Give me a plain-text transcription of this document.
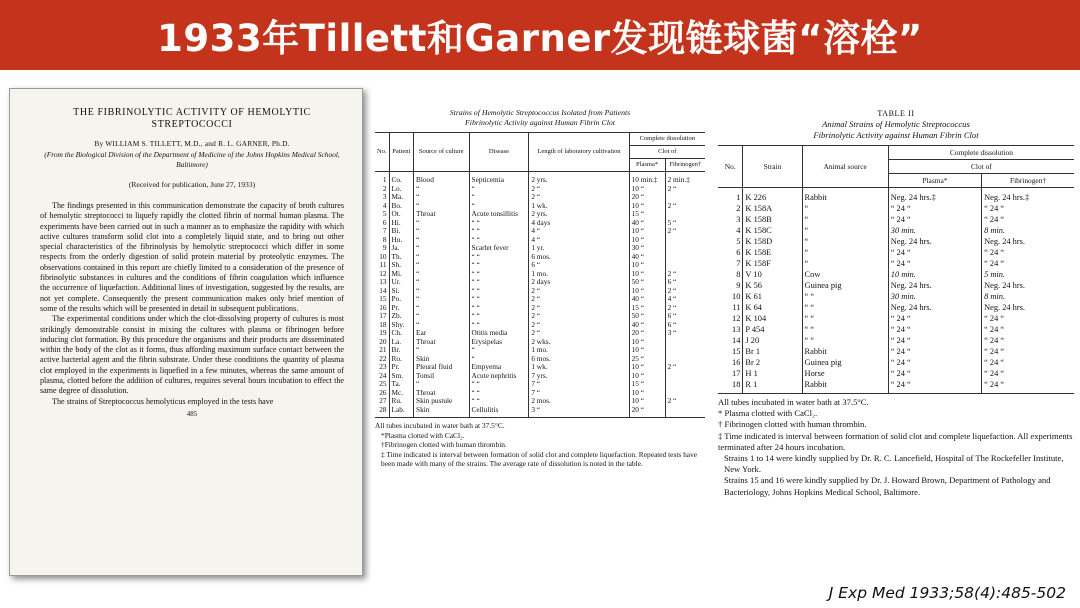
1933年Tillett和Garner发现链球菌“溶栓”
THE FIBRINOLYTIC ACTIVITY OF HEMOLYTIC STREPTOCOCCI
By WILLIAM S. TILLETT, M.D., and R. L. GARNER, Ph.D.
(From the Biological Division of the Department of Medicine of the Johns Hopkins Medical School, Baltimore)
(Received for publication, June 27, 1933)

The findings presented in this communication demonstrate the capacity of broth cultures of hemolytic streptococci to liquefy rapidly the clotted fibrin of normal human plasma. The experiments have been carried out in such a manner as to emphasize the rapidity with which active cultures transform solid clot into a completely liquid state, and to bring out other special characteristics of the fibrinolysis by hemolytic streptococci which differ in some respects from the orderly digestion of solid protein material by proteolytic enzymes. The observations contained in this report are chiefly limited to a consideration of the presence of fibrinolytic substances in cultures and the conditions of fibrin coagulation which influence the occurrence of liquefaction. Additional lines of investigation, suggested by the results, are not yet complete. Consequently the present communication makes only brief mention of some of the results which will be presented in detail in subsequent publications.

The experimental conditions under which the clot-dissolving property of cultures is most strikingly demonstrable consist in mixing the cultures with plasma or fibrinogen before inducing clot formation. By this procedure the organisms and their products are disseminated within the body of the clot as it forms, thus affording maximum surface contact between the active bacterial agent and the fibrin substrate. Under these conditions the quantity of plasma clot employed in the experiments is liquefied in a few minutes, whereas the same amount of plasma, clotted before the addition of cultures, requires several hours incubation to effect the same degree of dissolution.

The strains of Streptococcus hemolyticus employed in the tests have

485
Strains of Hemolytic Streptococcus Isolated from Patients
Fibrinolytic Activity against Human Fibrin Clot
No.	Patient	Source of culture	Disease	Length of laboratory cultivation	Complete dissolution	
					Clot of	
					Plasma*	Fibrinogen†
1	Co.	Blood	Septicemia	2 yrs.	10 min.‡	2 min.‡
2	Lo.	“	“	2 “	10 “	2 “
3	Ma.	“	“	2 “	20 “	
4	Bo.	“	“	1 wk.	10 “	2 “
5	Ot.	Throat	Acute tonsillitis	2 yrs.	15 “	
6	Hi.	“	“ “	4 days	40 “	5 “
7	Bi.	“	“ “	4 “	10 “	2 “
8	Hu.	“	“ “	4 “	10 “	
9	Ja.	“	Scarlet fever	1 yr.	30 “	
10	Th.	“	“ “	6 mos.	40 “	
11	Sh.	“	“ “	6 “	10 “	
12	Mi.	“	“ “	1 mo.	10 “	2 “
13	Ur.	“	“ “	2 days	50 “	6 “
14	Si.	“	“ “	2 “	10 “	2 “
15	Po.	“	“ “	2 “	40 “	4 “
16	Pr.	“	“ “	2 “	15 “	2 “
17	Zb.	“	“ “	2 “	50 “	6 “
18	Shy.	“	“ “	2 “	40 “	6 “
19	Ch.	Ear	Otitis media	2 “	20 “	3 “
20	La.	Throat	Erysipelas	2 wks.	10 “	
21	Br.	“	“	1 mo.	10 “	
22	Ro.	Skin	“	6 mos.	25 “	
23	Pr.	Pleural fluid	Empyema	1 wk.	10 “	2 “
24	Sm.	Tonsil	Acute nephritis	7 yrs.	10 “	
25	Ta.	“	“ “	7 “	15 “	
26	Mc.	Throat	“ “	7 “	10 “	
27	Ru.	Skin pustule	“ “	2 mos.	10 “	2 “
28	Lab.	Skin	Cellulitis	3 “	20 “	

All tubes incubated in water bath at 37.5°C.

*Plasma clotted with CaCl₂.

†Fibrinogen clotted with human thrombin.

‡ Time indicated is interval between formation of solid clot and complete liquefaction. Repeated tests have been made with many of the strains. The average rate of dissolution is noted in the table.

TABLE II
Animal Strains of Hemolytic Streptococcus
Fibrinolytic Activity against Human Fibrin Clot
No.	Strain	Animal source	Complete dissolution	
			Clot of	
			Plasma*	Fibrinogen†
1	K 226	Rabbit	Neg. 24 hrs.‡	Neg. 24 hrs.‡
2	K 158A	“	“ 24 “	“ 24 “
3	K 158B	“	“ 24 “	“ 24 “
4	K 158C	“	30 min.	8 min.
5	K 158D	“	Neg. 24 hrs.	Neg. 24 hrs.
6	K 158E	“	“ 24 “	“ 24 “
7	K 158F	“	“ 24 “	“ 24 “
8	V 10	Cow	10 min.	5 min.
9	K 56	Guinea pig	Neg. 24 hrs.	Neg. 24 hrs.
10	K 61	“ “	30 min.	8 min.
11	K 64	“ “	Neg. 24 hrs.	Neg. 24 hrs.
12	K 104	“ “	“ 24 “	“ 24 “
13	P 454	“ “	“ 24 “	“ 24 “
14	J 20	“ “	“ 24 “	“ 24 “
15	Br 1	Rabbit	“ 24 “	“ 24 “
16	Br 2	Guinea pig	“ 24 “	“ 24 “
17	H 1	Horse	“ 24 “	“ 24 “
18	R 1	Rabbit	“ 24 “	“ 24 “

All tubes incubated in water bath at 37.5°C.

* Plasma clotted with CaCl₂.

† Fibrinogen clotted with human thrombin.

‡ Time indicated is interval between formation of solid clot and complete liquefaction. All experiments terminated after 24 hours incubation.

Strains 1 to 14 were kindly supplied by Dr. R. C. Lancefield, Hospital of The Rockefeller Institute, New York.

Strains 15 and 16 were kindly supplied by Dr. J. Howard Brown, Department of Pathology and Bacteriology, Johns Hopkins Medical School, Baltimore.

J Exp Med 1933;58(4):485-502
